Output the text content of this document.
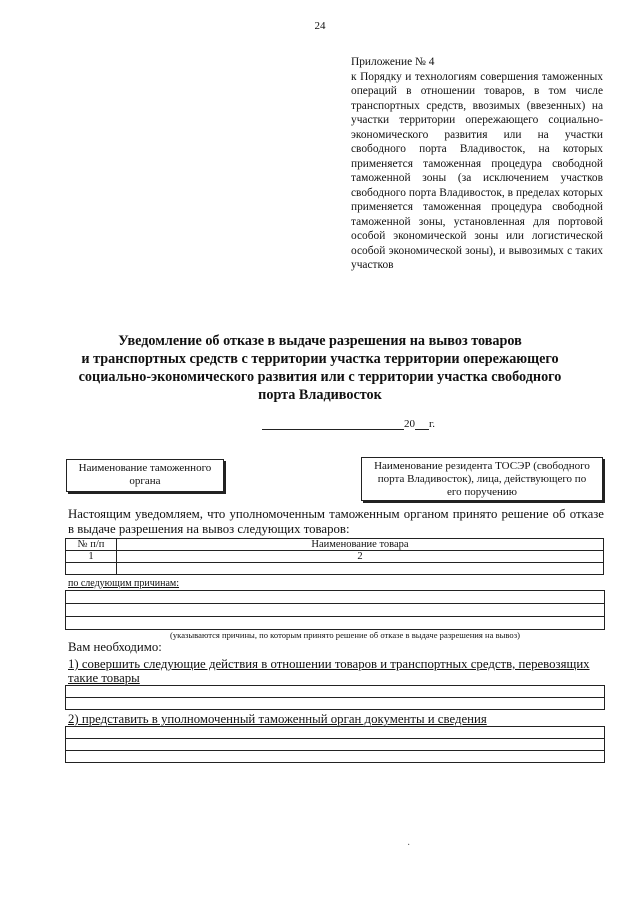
24
Приложение № 4
к Порядку и технологиям совершения таможенных операций в отношении товаров, в том числе транспортных средств, ввозимых (ввезенных) на участки территории опережающего социально-экономического развития или на участки свободного порта Владивосток, на которых применяется таможенная процедура свободной таможенной зоны (за исключением участков свободного порта Владивосток, в пределах которых применяется таможенная процедура свободной таможенной зоны, установленная для портовой особой экономической зоны или логистической особой экономической зоны), и вывозимых с таких участков
Уведомление об отказе в выдаче разрешения на вывоз товаров
и транспортных средств с территории участка территории опережающего
социально-экономического развития или с территории участка свободного
порта Владивосток
20 г.
Наименование таможенного
органа
Наименование резидента ТОСЭР (свободного
порта Владивосток), лица, действующего по
его поручению
Настоящим уведомляем, что уполномоченным таможенным органом принято решение об отказе в выдаче разрешения на вывоз следующих товаров:
№ п/п	Наименование товара
1	2

по следующим причинам:
(указываются причины, по которым принято решение об отказе в выдаче разрешения на вывоз)
Вам необходимо:
1) совершить следующие действия в отношении товаров и транспортных средств, перевозящих такие товары
2) представить в уполномоченный таможенный орган документы и сведения
·
